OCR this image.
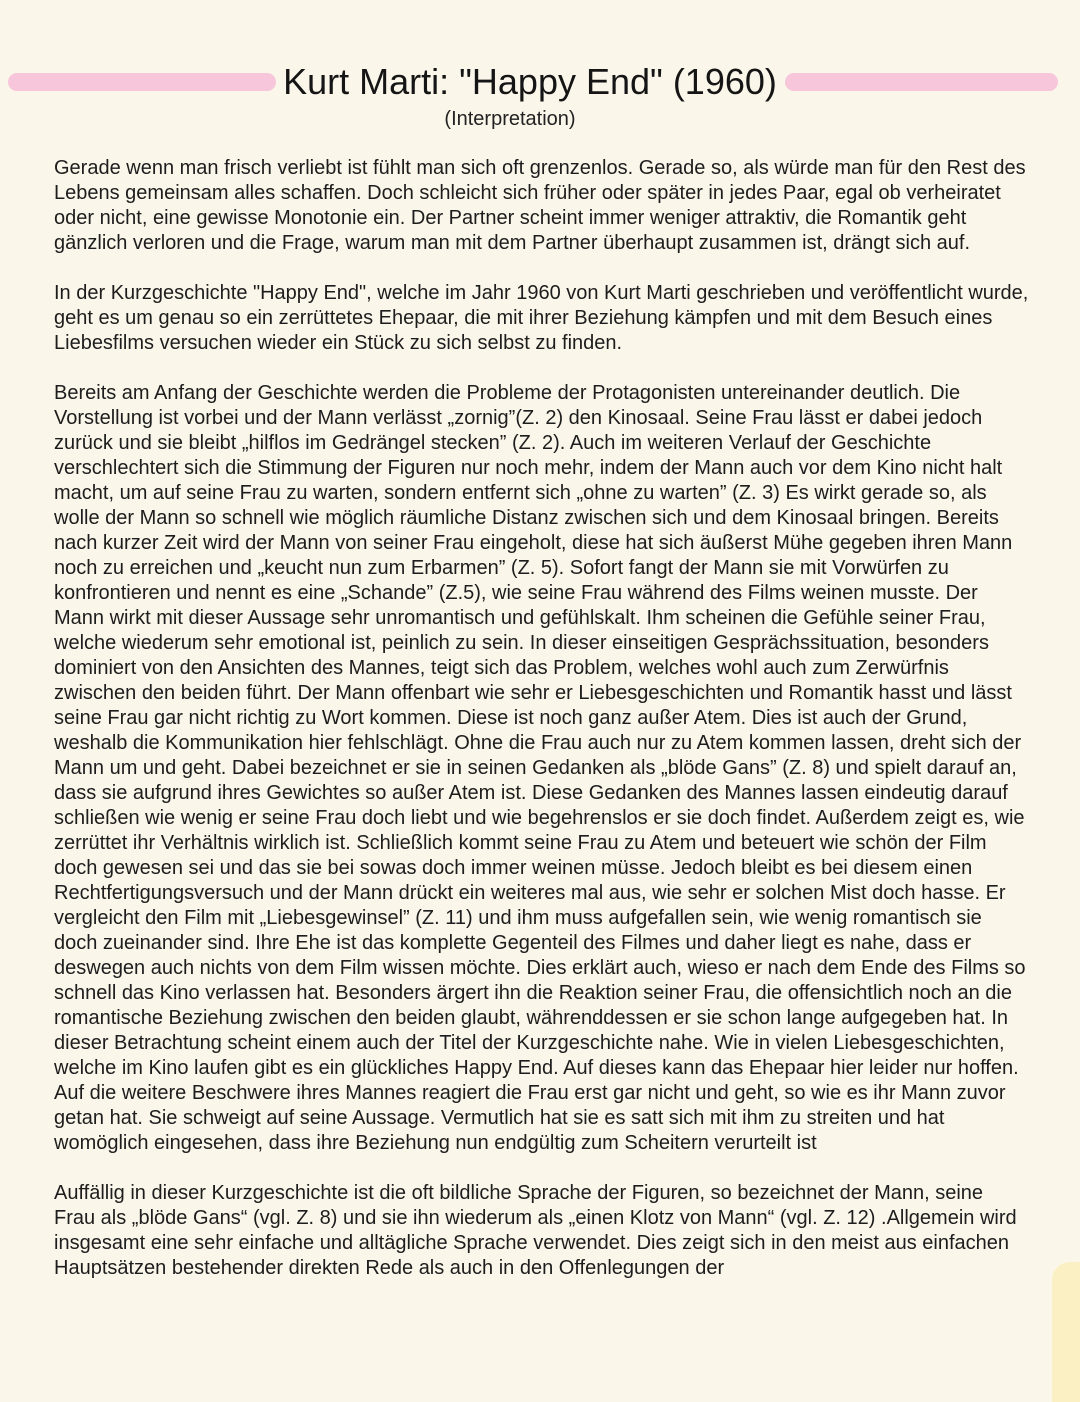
Kurt Marti: "Happy End" (1960)
(Interpretation)

Gerade wenn man frisch verliebt ist fühlt man sich oft grenzenlos. Gerade so, als würde man für den Rest des Lebens gemeinsam alles schaffen. Doch schleicht sich früher oder später in jedes Paar, egal ob verheiratet oder nicht, eine gewisse Monotonie ein. Der Partner scheint immer weniger attraktiv, die Romantik geht gänzlich verloren und die Frage, warum man mit dem Partner überhaupt zusammen ist, drängt sich auf.

In der Kurzgeschichte "Happy End", welche im Jahr 1960 von Kurt Marti geschrieben und veröffentlicht wurde, geht es um genau so ein zerrüttetes Ehepaar, die mit ihrer Beziehung kämpfen und mit dem Besuch eines Liebesfilms versuchen wieder ein Stück zu sich selbst zu finden.

Bereits am Anfang der Geschichte werden die Probleme der Protagonisten untereinander deutlich. Die Vorstellung ist vorbei und der Mann verlässt „zornig”(Z. 2) den Kinosaal. Seine Frau lässt er dabei jedoch zurück und sie bleibt „hilflos im Gedrängel stecken” (Z. 2). Auch im weiteren Verlauf der Geschichte verschlechtert sich die Stimmung der Figuren nur noch mehr, indem der Mann auch vor dem Kino nicht halt macht, um auf seine Frau zu warten, sondern entfernt sich „ohne zu warten” (Z. 3) Es wirkt gerade so, als wolle der Mann so schnell wie möglich räumliche Distanz zwischen sich und dem Kinosaal bringen. Bereits nach kurzer Zeit wird der Mann von seiner Frau eingeholt, diese hat sich äußerst Mühe gegeben ihren Mann noch zu erreichen und „keucht nun zum Erbarmen” (Z. 5). Sofort fangt der Mann sie mit Vorwürfen zu konfrontieren und nennt es eine „Schande” (Z.5), wie seine Frau während des Films weinen musste. Der Mann wirkt mit dieser Aussage sehr unromantisch und gefühlskalt. Ihm scheinen die Gefühle seiner Frau, welche wiederum sehr emotional ist, peinlich zu sein. In dieser einseitigen Gesprächssituation, besonders dominiert von den Ansichten des Mannes, teigt sich das Problem, welches wohl auch zum Zerwürfnis zwischen den beiden führt. Der Mann offenbart wie sehr er Liebesgeschichten und Romantik hasst und lässt seine Frau gar nicht richtig zu Wort kommen. Diese ist noch ganz außer Atem. Dies ist auch der Grund, weshalb die Kommunikation hier fehlschlägt. Ohne die Frau auch nur zu Atem kommen lassen, dreht sich der Mann um und geht. Dabei bezeichnet er sie in seinen Gedanken als „blöde Gans” (Z. 8) und spielt darauf an, dass sie aufgrund ihres Gewichtes so außer Atem ist. Diese Gedanken des Mannes lassen eindeutig darauf schließen wie wenig er seine Frau doch liebt und wie begehrenslos er sie doch findet. Außerdem zeigt es, wie zerrüttet ihr Verhältnis wirklich ist. Schließlich kommt seine Frau zu Atem und beteuert wie schön der Film doch gewesen sei und das sie bei sowas doch immer weinen müsse. Jedoch bleibt es bei diesem einen Rechtfertigungsversuch und der Mann drückt ein weiteres mal aus, wie sehr er solchen Mist doch hasse. Er vergleicht den Film mit „Liebesgewinsel” (Z. 11) und ihm muss aufgefallen sein, wie wenig romantisch sie doch zueinander sind. Ihre Ehe ist das komplette Gegenteil des Filmes und daher liegt es nahe, dass er deswegen auch nichts von dem Film wissen möchte. Dies erklärt auch, wieso er nach dem Ende des Films so schnell das Kino verlassen hat. Besonders ärgert ihn die Reaktion seiner Frau, die offensichtlich noch an die romantische Beziehung zwischen den beiden glaubt, währenddessen er sie schon lange aufgegeben hat. In dieser Betrachtung scheint einem auch der Titel der Kurzgeschichte nahe. Wie in vielen Liebesgeschichten, welche im Kino laufen gibt es ein glückliches Happy End. Auf dieses kann das Ehepaar hier leider nur hoffen. Auf die weitere Beschwere ihres Mannes reagiert die Frau erst gar nicht und geht, so wie es ihr Mann zuvor getan hat. Sie schweigt auf seine Aussage. Vermutlich hat sie es satt sich mit ihm zu streiten und hat womöglich eingesehen, dass ihre Beziehung nun endgültig zum Scheitern verurteilt ist

Auffällig in dieser Kurzgeschichte ist die oft bildliche Sprache der Figuren, so bezeichnet der Mann, seine Frau als „blöde Gans“ (vgl. Z. 8) und sie ihn wiederum als „einen Klotz von Mann“ (vgl. Z. 12) .Allgemein wird insgesamt eine sehr einfache und alltägliche Sprache verwendet. Dies zeigt sich in den meist aus einfachen Hauptsätzen bestehender direkten Rede als auch in den Offenlegungen der
